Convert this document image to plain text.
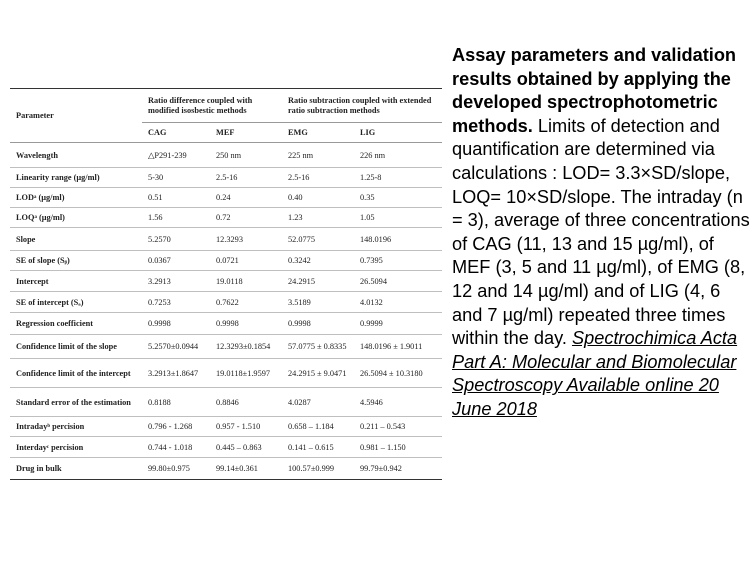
Parameter	Ratio difference coupled with modified isosbestic methods		Ratio subtraction coupled with extended ratio subtraction methods	
	CAG	MEF	EMG	LIG
Wavelength	△P291-239	250 nm	225 nm	226 nm
Linearity range (µg/ml)	5-30	2.5-16	2.5-16	1.25-8
LODᵃ (µg/ml)	0.51	0.24	0.40	0.35
LOQᵃ (µg/ml)	1.56	0.72	1.23	1.05
Slope	5.2570	12.3293	52.0775	148.0196
SE of slope (Sᵦ)	0.0367	0.0721	0.3242	0.7395
Intercept	3.2913	19.0118	24.2915	26.5094
SE of intercept (Sₐ)	0.7253	0.7622	3.5189	4.0132
Regression coefficient	0.9998	0.9998	0.9998	0.9999
Confidence limit of the slope	5.2570±0.0944	12.3293±0.1854	57.0775 ± 0.8335	148.0196 ± 1.9011
Confidence limit of the intercept	3.2913±1.8647	19.0118±1.9597	24.2915 ± 9.0471	26.5094 ± 10.3180
Standard error of the estimation	0.8188	0.8846	4.0287	4.5946
Intradayᵇ percision	0.796 - 1.268	0.957 - 1.510	0.658 – 1.184	0.211 – 0.543
Interdayᶜ percision	0.744 - 1.018	0.445 – 0.863	0.141 – 0.615	0.981 – 1.150
Drug in bulk	99.80±0.975	99.14±0.361	100.57±0.999	99.79±0.942
Assay parameters and validation results obtained by applying the developed spectrophotometric methods. Limits of detection and quantification are determined via calculations : LOD= 3.3×SD/slope, LOQ= 10×SD/slope. The intraday (n = 3), average of three concentrations of CAG (11, 13 and 15 µg/ml), of MEF (3, 5 and 11 µg/ml), of EMG (8, 12 and 14 µg/ml) and of LIG (4, 6 and 7 µg/ml) repeated three times within the day. Spectrochimica Acta Part A: Molecular and Biomolecular Spectroscopy Available online 20 June 2018
